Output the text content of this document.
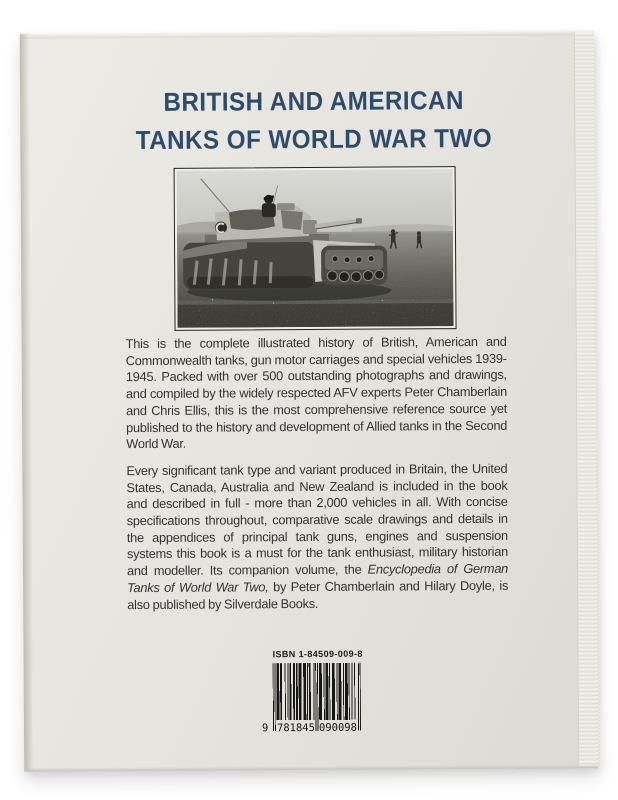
BRITISH AND AMERICAN
TANKS OF WORLD WAR TWO

This is the complete illustrated history of British, American and Commonwealth tanks, gun motor carriages and special vehicles 1939-1945. Packed with over 500 outstanding photographs and drawings, and compiled by the widely respected AFV experts Peter Chamberlain and Chris Ellis, this is the most comprehensive reference source yet published to the history and development of Allied tanks in the Second World War.

Every significant tank type and variant produced in Britain, the United States, Canada, Australia and New Zealand is included in the book and described in full - more than 2,000 vehicles in all. With concise specifications throughout, comparative scale drawings and details in the appendices of principal tank guns, engines and suspension systems this book is a must for the tank enthusiast, military historian and modeller. Its companion volume, the Encyclopedia of German Tanks of World War Two, by Peter Chamberlain and Hilary Doyle, is also published by Silverdale Books.

ISBN 1-84509-009-8
9 781845 090098
